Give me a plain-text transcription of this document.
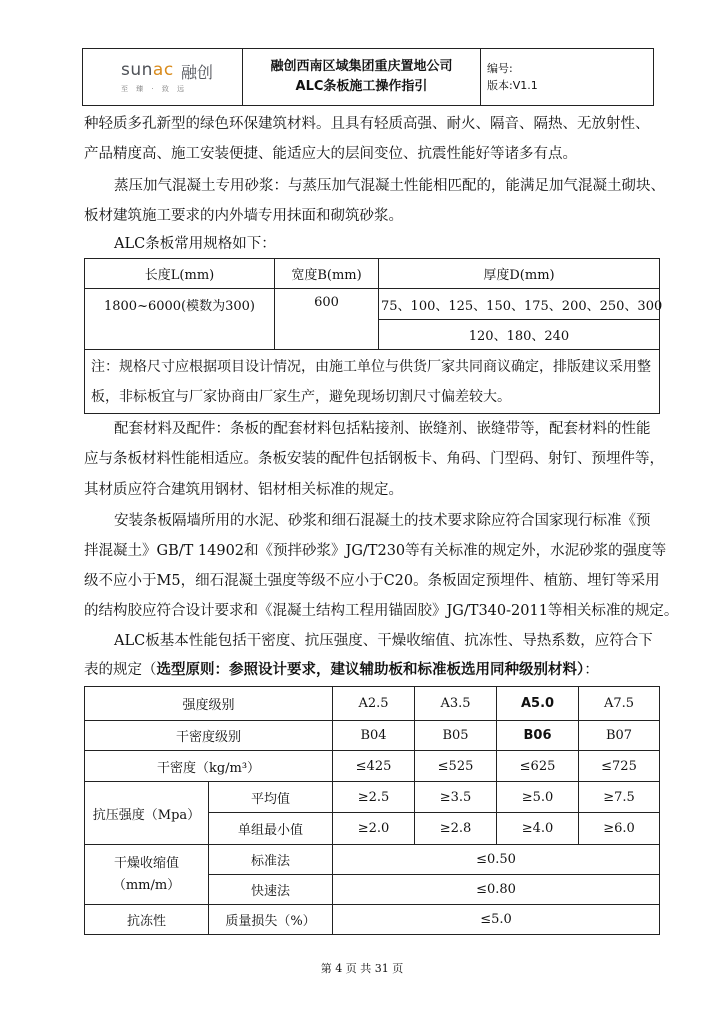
sunac 融创
至 臻 · 致 远
融创西南区域集团重庆置地公司
ALC条板施工操作指引
编号:
版本:V1.1
种轻质多孔新型的绿色环保建筑材料。且具有轻质高强、耐火、隔音、隔热、无放射性、
产品精度高、施工安装便捷、能适应大的层间变位、抗震性能好等诸多有点。
蒸压加气混凝土专用砂浆：与蒸压加气混凝土性能相匹配的，能满足加气混凝土砌块、
板材建筑施工要求的内外墙专用抹面和砌筑砂浆。
ALC条板常用规格如下：
长度L(mm)	宽度B(mm)	厚度D(mm)
1800~6000(模数为300)	600	75、100、125、150、175、200、250、300
		120、180、240
注：规格尺寸应根据项目设计情况，由施工单位与供货厂家共同商议确定，排版建议采用整板，非标板宜与厂家协商由厂家生产，避免现场切割尺寸偏差较大。		
配套材料及配件：条板的配套材料包括粘接剂、嵌缝剂、嵌缝带等，配套材料的性能
应与条板材料性能相适应。条板安装的配件包括钢板卡、角码、门型码、射钉、预埋件等，
其材质应符合建筑用钢材、铝材相关标准的规定。
安装条板隔墙所用的水泥、砂浆和细石混凝土的技术要求除应符合国家现行标准《预
拌混凝土》GB/T 14902和《预拌砂浆》JG/T230等有关标准的规定外，水泥砂浆的强度等
级不应小于M5，细石混凝土强度等级不应小于C20。条板固定预埋件、植筋、埋钉等采用
的结构胶应符合设计要求和《混凝土结构工程用锚固胶》JG/T340-2011等相关标准的规定。
ALC板基本性能包括干密度、抗压强度、干燥收缩值、抗冻性、导热系数，应符合下
表的规定（选型原则：参照设计要求，建议辅助板和标准板选用同种级别材料）：
强度级别		A2.5	A3.5	A5.0	A7.5
干密度级别		B04	B05	B06	B07
干密度（kg/m³）		≤425	≤525	≤625	≤725
抗压强度（Mpa）	平均值	≥2.5	≥3.5	≥5.0	≥7.5
	单组最小值	≥2.0	≥2.8	≥4.0	≥6.0

干燥收缩值
（mm/m）	标准法	≤0.50			
	快速法	≤0.80			
抗冻性	质量损失（%）	≤5.0			
第 4 页 共 31 页
